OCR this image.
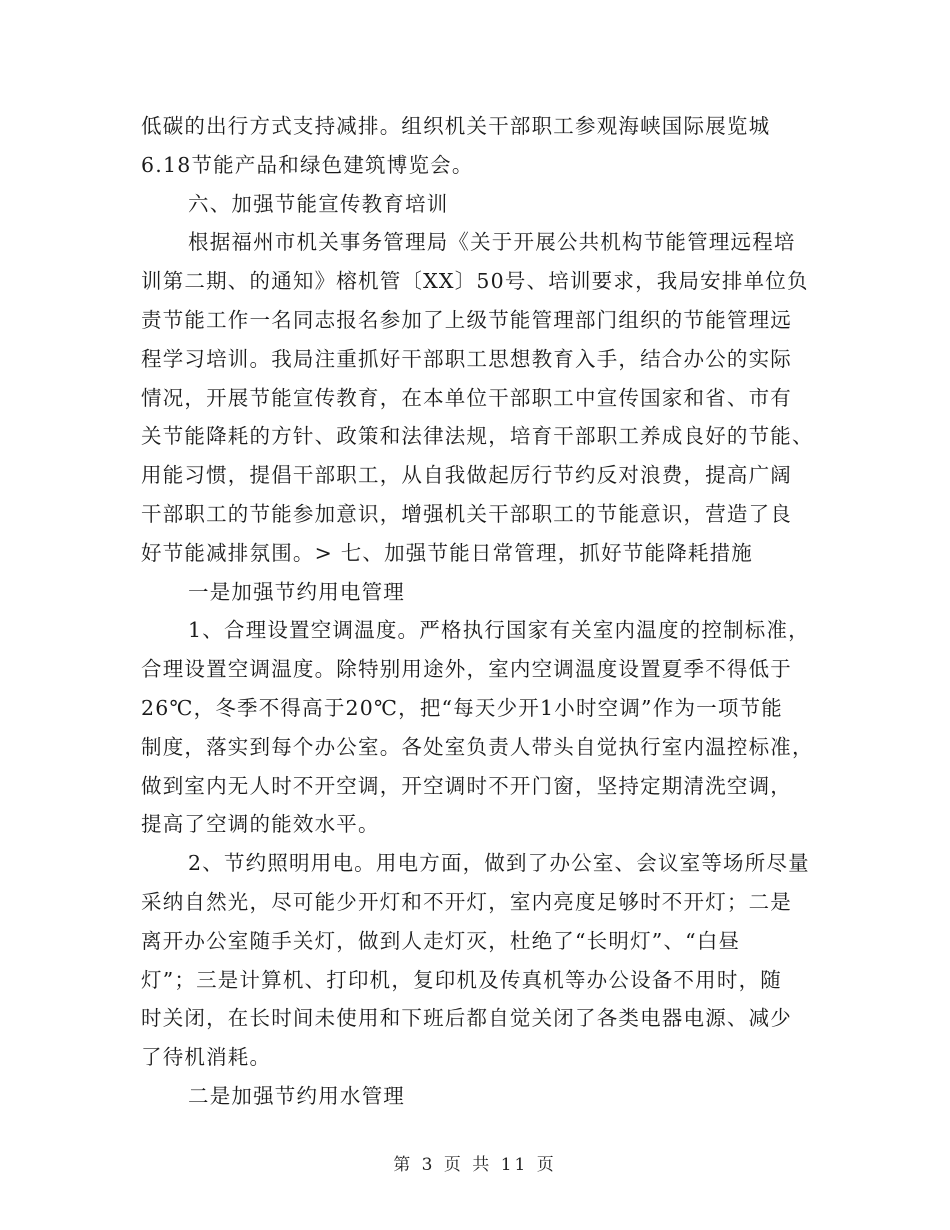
低碳的出行方式支持减排。组织机关干部职工参观海峡国际展览城
6.18节能产品和绿色建筑博览会。
六、加强节能宣传教育培训
根据福州市机关事务管理局《关于开展公共机构节能管理远程培
训第二期、的通知》榕机管〔XX〕50号、培训要求，我局安排单位负
责节能工作一名同志报名参加了上级节能管理部门组织的节能管理远
程学习培训。我局注重抓好干部职工思想教育入手，结合办公的实际
情况，开展节能宣传教育，在本单位干部职工中宣传国家和省、市有
关节能降耗的方针、政策和法律法规，培育干部职工养成良好的节能、
用能习惯，提倡干部职工，从自我做起厉行节约反对浪费，提高广阔
干部职工的节能参加意识，增强机关干部职工的节能意识，营造了良
好节能减排氛围。> 七、加强节能日常管理，抓好节能降耗措施
一是加强节约用电管理
1、合理设置空调温度。严格执行国家有关室内温度的控制标准，
合理设置空调温度。除特别用途外，室内空调温度设置夏季不得低于
26℃，冬季不得高于20℃，把“每天少开1小时空调”作为一项节能
制度，落实到每个办公室。各处室负责人带头自觉执行室内温控标准，
做到室内无人时不开空调，开空调时不开门窗，坚持定期清洗空调，
提高了空调的能效水平。
2、节约照明用电。用电方面，做到了办公室、会议室等场所尽量
采纳自然光，尽可能少开灯和不开灯，室内亮度足够时不开灯；二是
离开办公室随手关灯，做到人走灯灭，杜绝了“长明灯”、“白昼
灯”；三是计算机、打印机，复印机及传真机等办公设备不用时，随
时关闭，在长时间未使用和下班后都自觉关闭了各类电器电源、减少
了待机消耗。
二是加强节约用水管理
第 3 页 共 11 页
